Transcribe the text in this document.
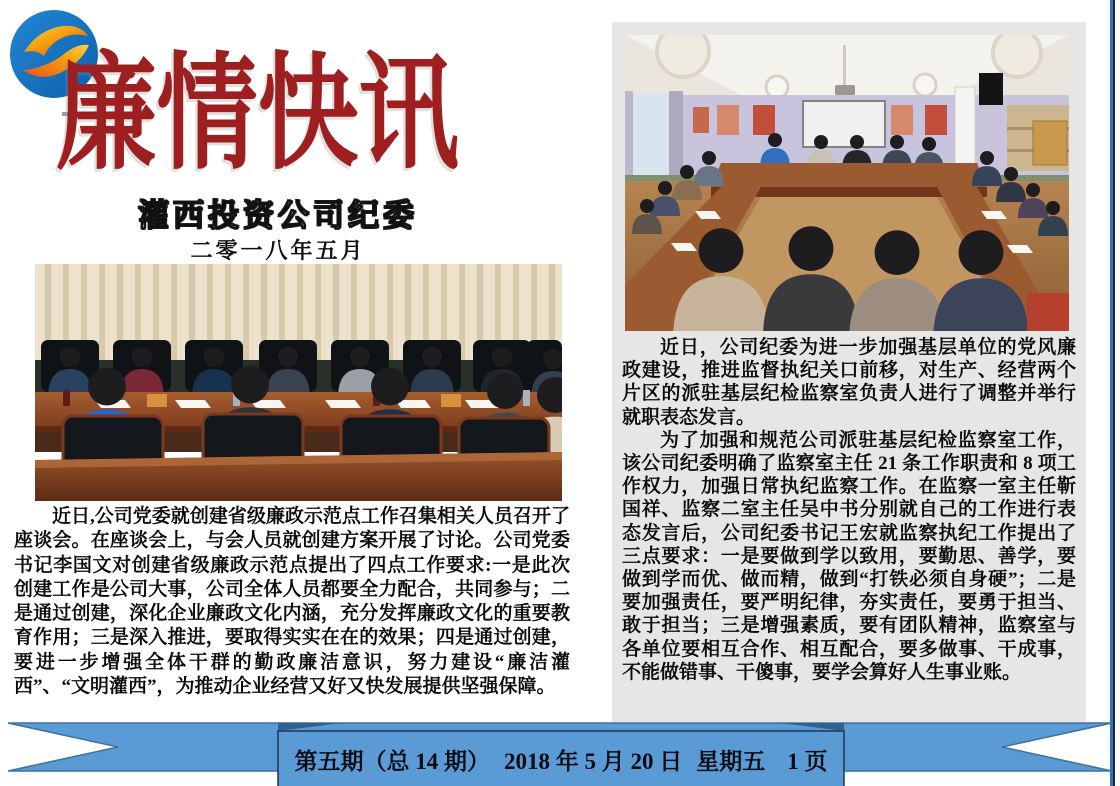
廉情快讯
灌西投资公司纪委
二零一八年五月

近日,公司党委就创建省级廉政示范点工作召集相关人员召开了座谈会。在座谈会上，与会人员就创建方案开展了讨论。公司党委书记李国文对创建省级廉政示范点提出了四点工作要求:一是此次创建工作是公司大事，公司全体人员都要全力配合，共同参与；二是通过创建，深化企业廉政文化内涵，充分发挥廉政文化的重要教育作用；三是深入推进，要取得实实在在的效果；四是通过创建，要进一步增强全体干群的勤政廉洁意识，努力建设“廉洁灌西”、“文明灌西”，为推动企业经营又好又快发展提供坚强保障。

近日，公司纪委为进一步加强基层单位的党风廉政建设，推进监督执纪关口前移，对生产、经营两个片区的派驻基层纪检监察室负责人进行了调整并举行就职表态发言。

为了加强和规范公司派驻基层纪检监察室工作，该公司纪委明确了监察室主任 21 条工作职责和 8 项工作权力，加强日常执纪监察工作。在监察一室主任靳国祥、监察二室主任吴中书分别就自己的工作进行表态发言后，公司纪委书记王宏就监察执纪工作提出了三点要求：一是要做到学以致用，要勤思、善学，要做到学而优、做而精，做到“打铁必须自身硬”；二是要加强责任，要严明纪律，夯实责任，要勇于担当、敢于担当；三是增强素质，要有团队精神，监察室与各单位要相互合作、相互配合，要多做事、干成事，不能做错事、干傻事，要学会算好人生事业账。

第五期（总 14 期） 2018 年 5 月 20 日 星期五 1 页
